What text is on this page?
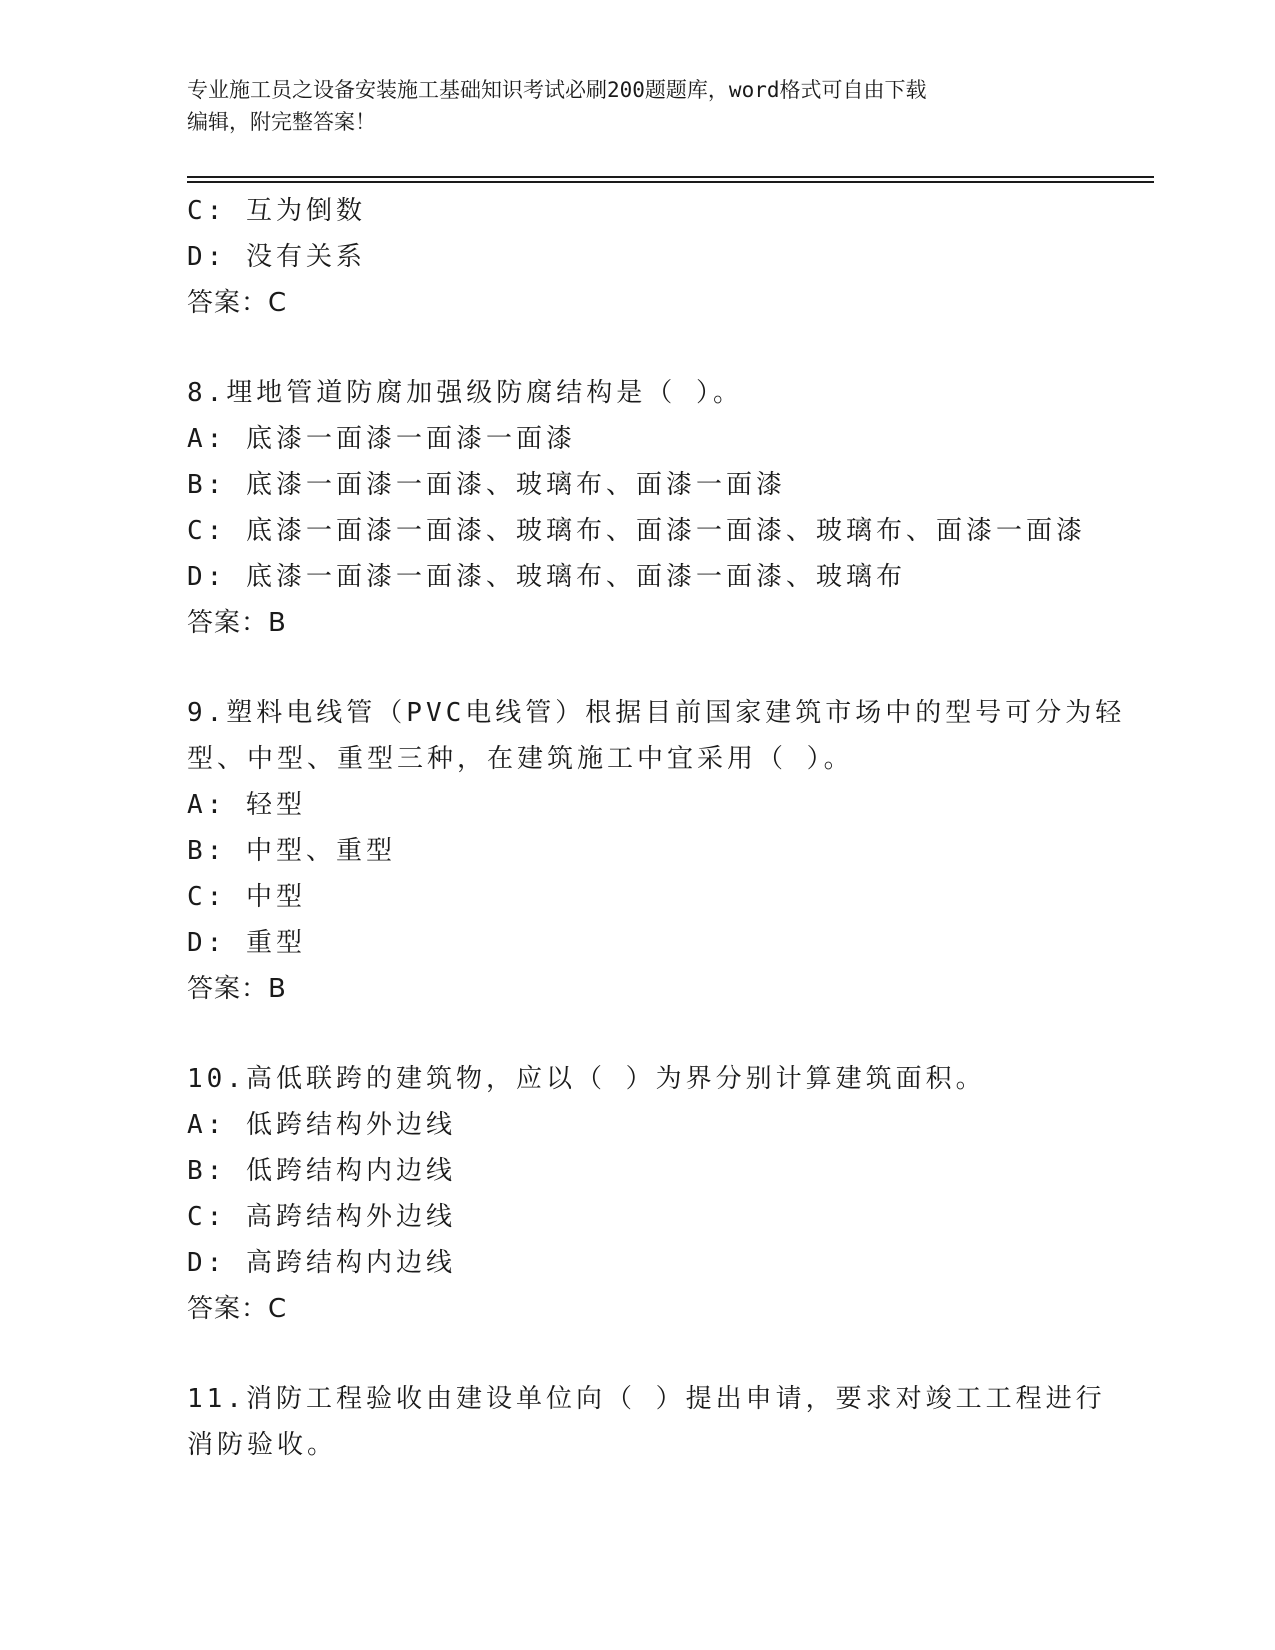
专业施工员之设备安装施工基础知识考试必刷200题题库，word格式可自由下载
编辑，附完整答案！
C: 互为倒数
D: 没有关系
答案：C
8.埋地管道防腐加强级防腐结构是（ ）。
A: 底漆一面漆一面漆一面漆
B: 底漆一面漆一面漆、玻璃布、面漆一面漆
C: 底漆一面漆一面漆、玻璃布、面漆一面漆、玻璃布、面漆一面漆
D: 底漆一面漆一面漆、玻璃布、面漆一面漆、玻璃布
答案：B
9.塑料电线管（PVC电线管）根据目前国家建筑市场中的型号可分为轻
型、中型、重型三种，在建筑施工中宜采用（ ）。
A: 轻型
B: 中型、重型
C: 中型
D: 重型
答案：B
10.高低联跨的建筑物，应以（ ）为界分别计算建筑面积。
A: 低跨结构外边线
B: 低跨结构内边线
C: 高跨结构外边线
D: 高跨结构内边线
答案：C
11.消防工程验收由建设单位向（ ）提出申请，要求对竣工工程进行
消防验收。
